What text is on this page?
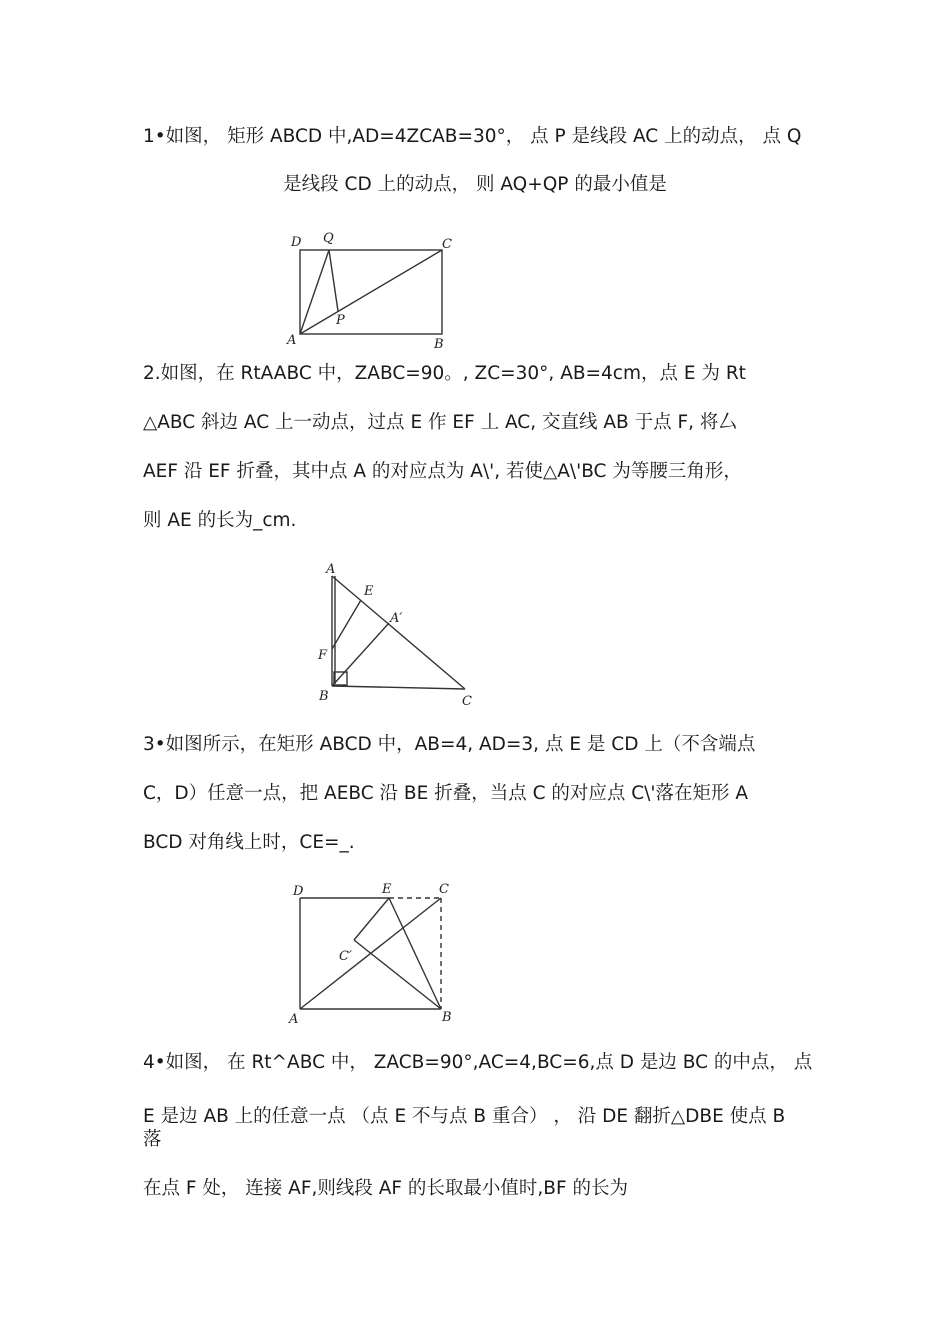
1•如图， 矩形 ABCD 中,AD=4ZCAB=30°， 点 P 是线段 AC 上的动点， 点 Q
是线段 CD 上的动点， 则 AQ+QP 的最小值是
D Q	C
A
P
B
2.如图，在 RtAABC 中，ZABC=90。, ZC=30°, AB=4cm，点 E 为 Rt
△ABC 斜边 AC 上一动点，过点 E 作 EF 丄 AC, 交直线 AB 于点 F, 将厶
AEF 沿 EF 折叠，其中点 A 的对应点为 A\', 若使△A\'BC 为等腰三角形，
则 AE 的长为_cm.
A
E
A′
F
B	C
3•如图所示，在矩形 ABCD 中，AB=4, AD=3, 点 E 是 CD 上（不含端点
C，D）任意一点，把 AEBC 沿 BE 折叠，当点 C 的对应点 C\'落在矩形 A
BCD 对角线上时，CE=_.
D	E	C
C′
A	B
4•如图， 在 Rt^ABC 中， ZACB=90°,AC=4,BC=6,点 D 是边 BC 的中点， 点
E 是边 AB 上的任意一点 （点 E 不与点 B 重合） ， 沿 DE 翻折△DBE 使点 B
落
在点 F 处， 连接 AF,则线段 AF 的长取最小值时,BF 的长为
